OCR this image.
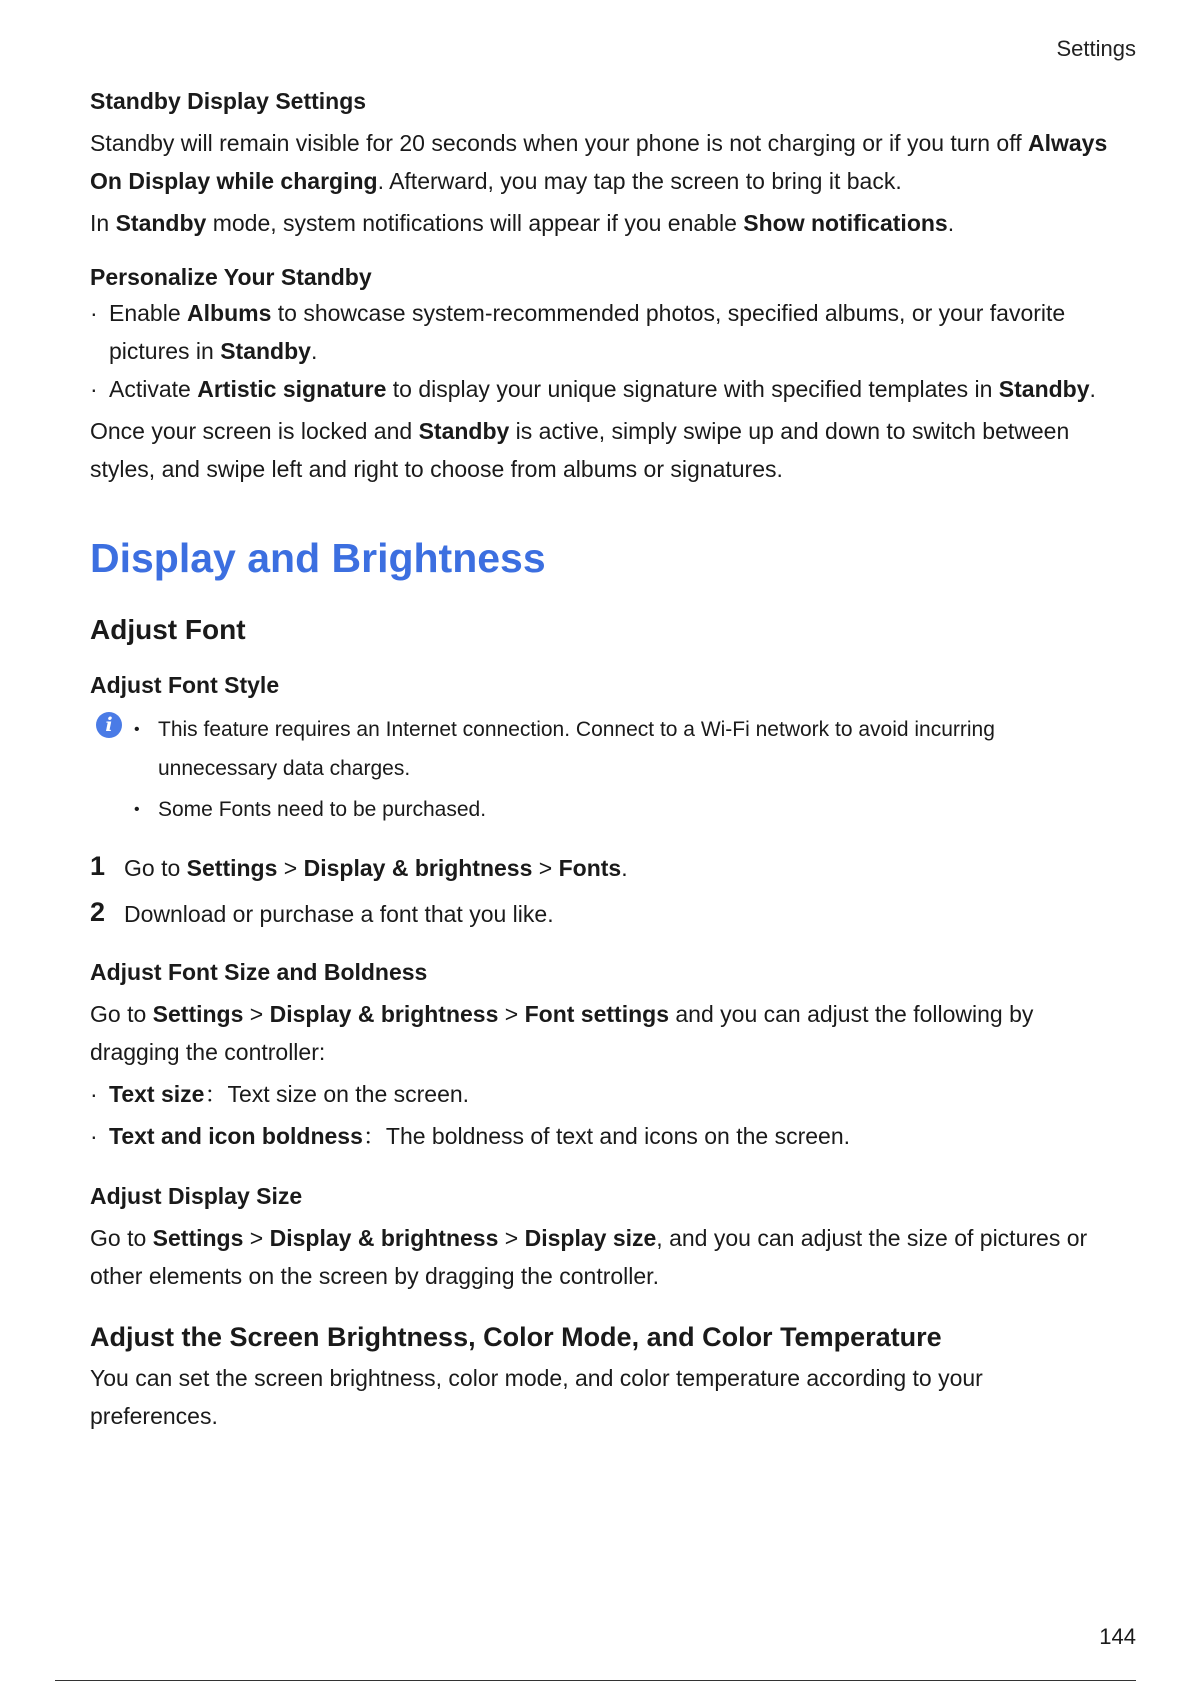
Settings
Standby Display Settings

Standby will remain visible for 20 seconds when your phone is not charging or if you turn off Always On Display while charging. Afterward, you may tap the screen to bring it back.

In Standby mode, system notifications will appear if you enable Show notifications.

Personalize Your Standby
· Enable Albums to showcase system-recommended photos, specified albums, or your favorite pictures in Standby.
· Activate Artistic signature to display your unique signature with specified templates in Standby.

Once your screen is locked and Standby is active, simply swipe up and down to switch between styles, and swipe left and right to choose from albums or signatures.

Display and Brightness
Adjust Font
Adjust Font Style
i
•	This feature requires an Internet connection. Connect to a Wi-Fi network to avoid incurring unnecessary data charges.
• Some Fonts need to be purchased.
1 Go to Settings > Display & brightness > Fonts.
2 Download or purchase a font that you like.
Adjust Font Size and Boldness

Go to Settings > Display & brightness > Font settings and you can adjust the following by dragging the controller:

· Text size：Text size on the screen.
· Text and icon boldness：The boldness of text and icons on the screen.
Adjust Display Size

Go to Settings > Display & brightness > Display size, and you can adjust the size of pictures or other elements on the screen by dragging the controller.

Adjust the Screen Brightness, Color Mode, and Color Temperature

You can set the screen brightness, color mode, and color temperature according to your preferences.

144
